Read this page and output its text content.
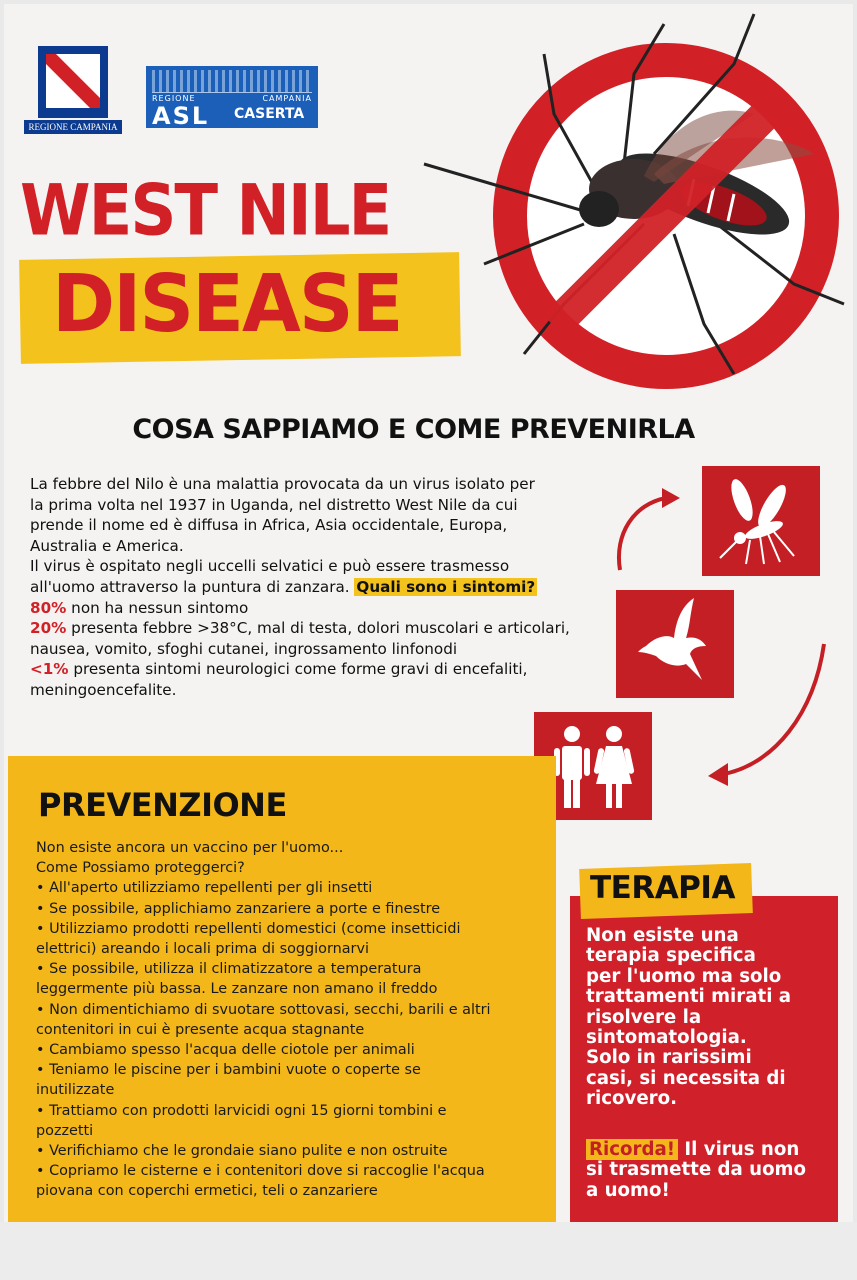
REGIONE CAMPANIA
REGIONE	CAMPANIA
ASL CASERTA
WEST NILE
DISEASE
COSA SAPPIAMO E COME PREVENIRLA

La febbre del Nilo è una malattia provocata da un virus isolato per

la prima volta nel 1937 in Uganda, nel distretto West Nile da cui

prende il nome ed è diffusa in Africa, Asia occidentale, Europa,

Australia e America.

Il virus è ospitato negli uccelli selvatici e può essere trasmesso

all'uomo attraverso la puntura di zanzara. Quali sono i sintomi?

80% non ha nessun sintomo

20% presenta febbre >38°C, mal di testa, dolori muscolari e articolari, nausea, vomito, sfoghi cutanei, ingrossamento linfonodi

<1% presenta sintomi neurologici come forme gravi di encefaliti, meningoencefalite.

PREVENZIONE
Non esiste ancora un vaccino per l'uomo...
Come Possiamo proteggerci?
• All'aperto utilizziamo repellenti per gli insetti
• Se possibile, applichiamo zanzariere a porte e finestre
• Utilizziamo prodotti repellenti domestici (come insetticidi
elettrici) areando i locali prima di soggiornarvi
• Se possibile, utilizza il climatizzatore a temperatura
leggermente più bassa. Le zanzare non amano il freddo
• Non dimentichiamo di svuotare sottovasi, secchi, barili e altri
contenitori in cui è presente acqua stagnante
• Cambiamo spesso l'acqua delle ciotole per animali
• Teniamo le piscine per i bambini vuote o coperte se
inutilizzate
• Trattiamo con prodotti larvicidi ogni 15 giorni tombini e
pozzetti
• Verifichiamo che le grondaie siano pulite e non ostruite
• Copriamo le cisterne e i contenitori dove si raccoglie l'acqua
piovana con coperchi ermetici, teli o zanzariere
TERAPIA
Non esiste una
terapia specifica
per l'uomo ma solo
trattamenti mirati a
risolvere la
sintomatologia.
Solo in rarissimi
casi, si necessita di
ricovero.
Ricorda! Il virus non
si trasmette da uomo
a uomo!
